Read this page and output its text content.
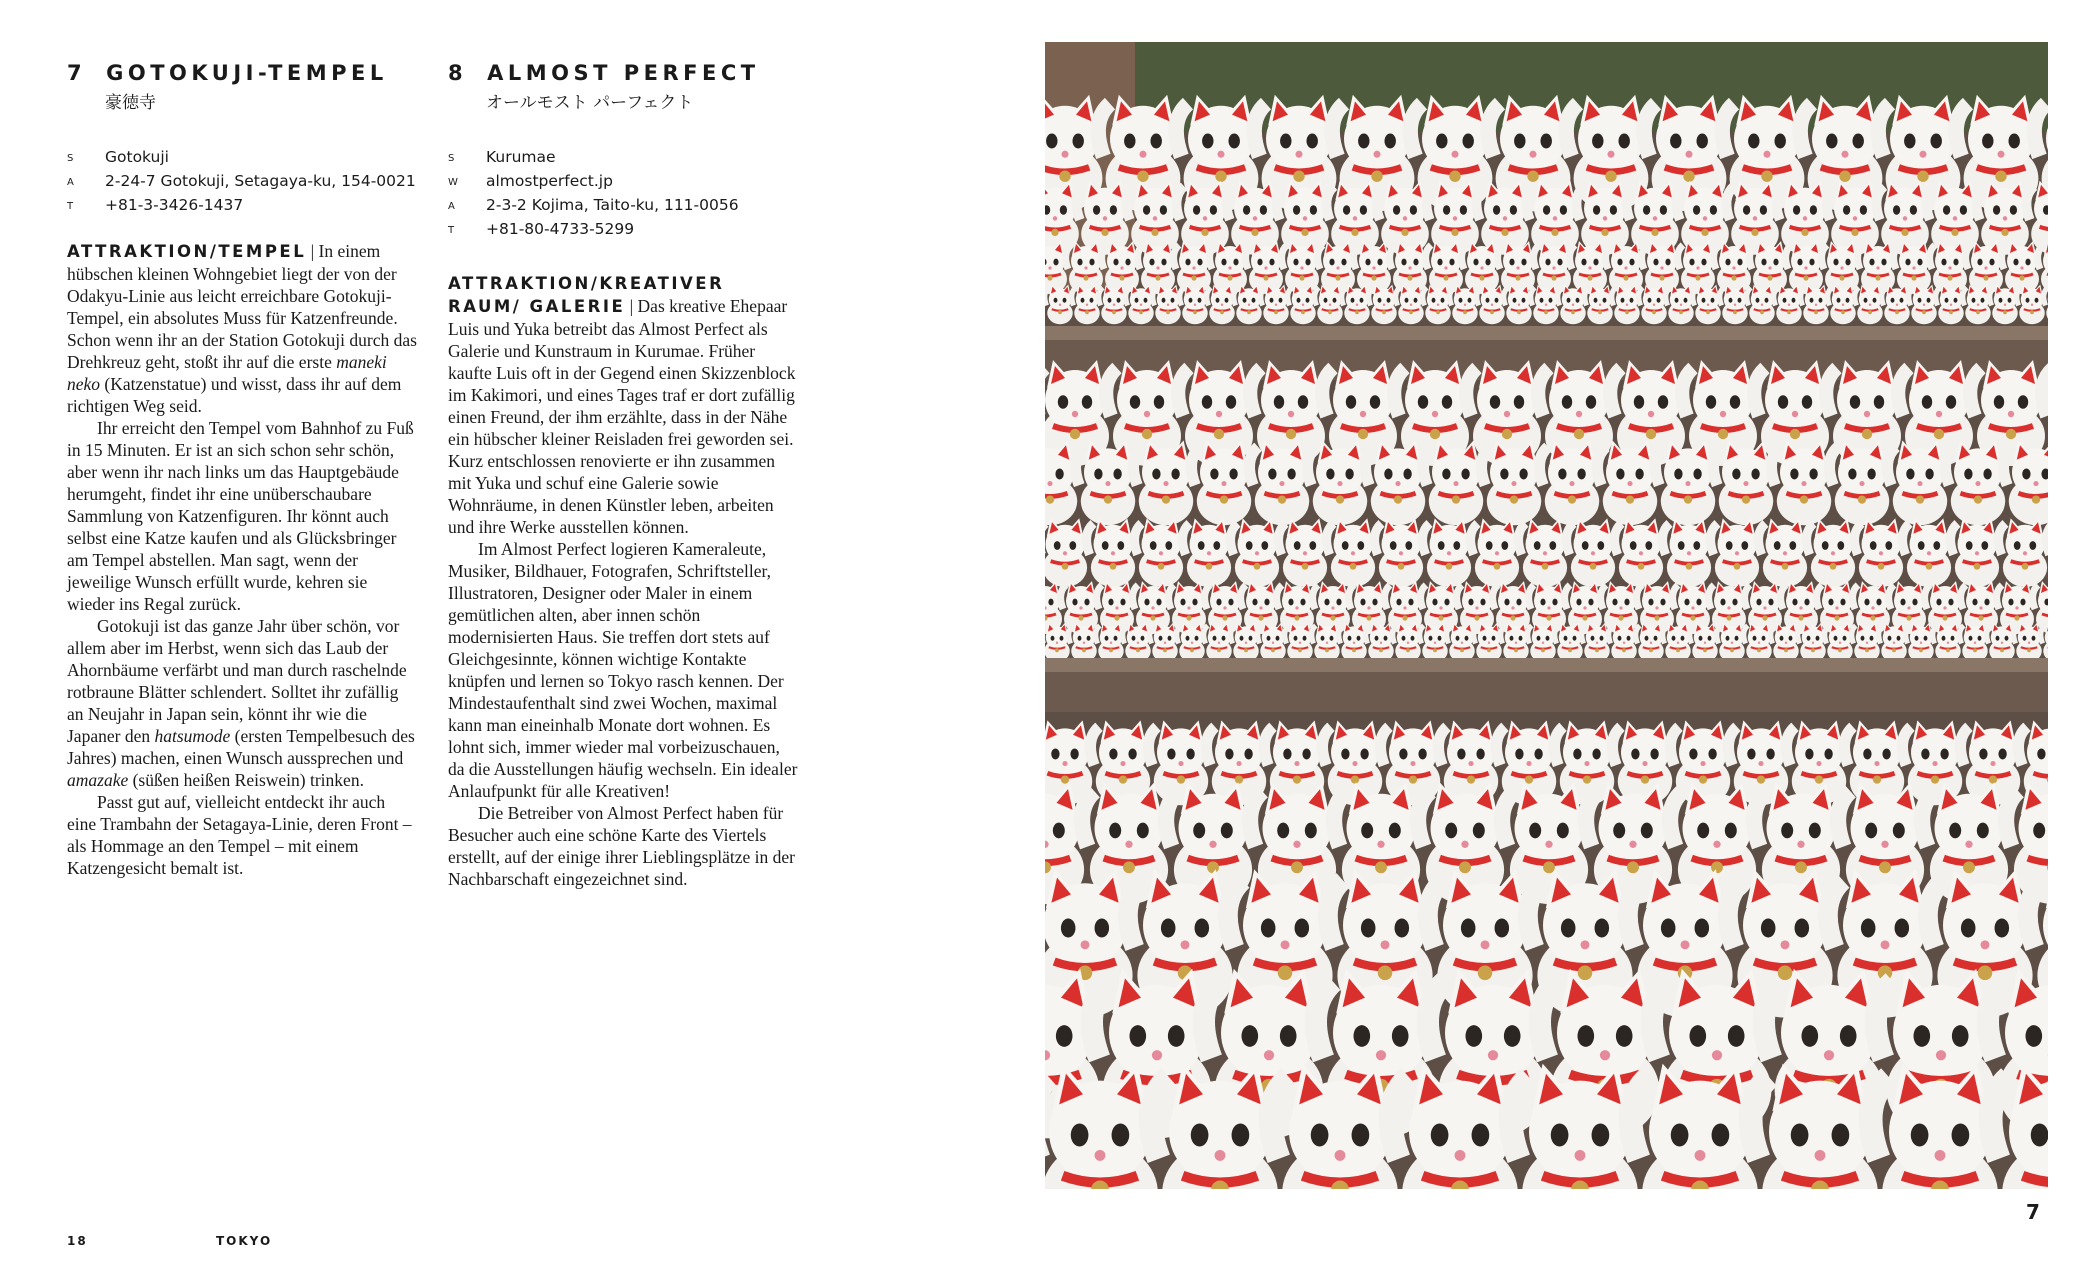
7 GOTOKUJI-TEMPEL
豪徳寺
S	Gotokuji
A	2-24-7 Gotokuji, Setagaya-ku, 154-0021
T	+81-3-3426-1437

ATTRAKTION/TEMPEL | In einem hübschen kleinen Wohngebiet liegt der von der Odakyu-Linie aus leicht erreichbare Gotokuji-Tempel, ein absolutes Muss für Katzenfreunde. Schon wenn ihr an der Station Gotokuji durch das Drehkreuz geht, stoßt ihr auf die erste maneki neko (Katzenstatue) und wisst, dass ihr auf dem richtigen Weg seid.

Ihr erreicht den Tempel vom Bahnhof zu Fuß in 15 Minuten. Er ist an sich schon sehr schön, aber wenn ihr nach links um das Hauptgebäude herumgeht, findet ihr eine unüberschaubare Sammlung von Katzenfiguren. Ihr könnt auch selbst eine Katze kaufen und als Glücksbringer am Tempel abstellen. Man sagt, wenn der jeweilige Wunsch erfüllt wurde, kehren sie wieder ins Regal zurück.

Gotokuji ist das ganze Jahr über schön, vor allem aber im Herbst, wenn sich das Laub der Ahornbäume verfärbt und man durch raschelnde rotbraune Blätter schlendert. Solltet ihr zufällig an Neujahr in Japan sein, könnt ihr wie die Japaner den hatsumode (ersten Tempelbesuch des Jahres) machen, einen Wunsch aussprechen und amazake (süßen heißen Reiswein) trinken.

Passt gut auf, vielleicht entdeckt ihr auch eine Trambahn der Setagaya-Linie, deren Front – als Hommage an den Tempel – mit einem Katzengesicht bemalt ist.

8 ALMOST PERFECT
オールモスト パーフェクト
S	Kurumae
W	almostperfect.jp
A	2-3-2 Kojima, Taito-ku, 111-0056
T	+81-80-4733-5299

ATTRAKTION/KREATIVER RAUM/ GALERIE | Das kreative Ehepaar Luis und Yuka betreibt das Almost Perfect als Galerie und Kunstraum in Kurumae. Früher kaufte Luis oft in der Gegend einen Skizzenblock im Kakimori, und eines Tages traf er dort zufällig einen Freund, der ihm erzählte, dass in der Nähe ein hübscher kleiner Reisladen frei geworden sei. Kurz entschlossen renovierte er ihn zusammen mit Yuka und schuf eine Galerie sowie Wohnräume, in denen Künstler leben, arbeiten und ihre Werke ausstellen können.

Im Almost Perfect logieren Kameraleute, Musiker, Bildhauer, Fotografen, Schriftsteller, Illustratoren, Designer oder Maler in einem gemütlichen alten, aber innen schön modernisierten Haus. Sie treffen dort stets auf Gleichgesinnte, können wichtige Kontakte knüpfen und lernen so Tokyo rasch kennen. Der Mindestaufenthalt sind zwei Wochen, maximal kann man eineinhalb Monate dort wohnen. Es lohnt sich, immer wieder mal vorbeizuschauen, da die Ausstellungen häufig wechseln. Ein idealer Anlaufpunkt für alle Kreativen!

Die Betreiber von Almost Perfect haben für Besucher auch eine schöne Karte des Viertels erstellt, auf der einige ihrer Lieblingsplätze in der Nachbarschaft eingezeichnet sind.

18	TOKYO
7
